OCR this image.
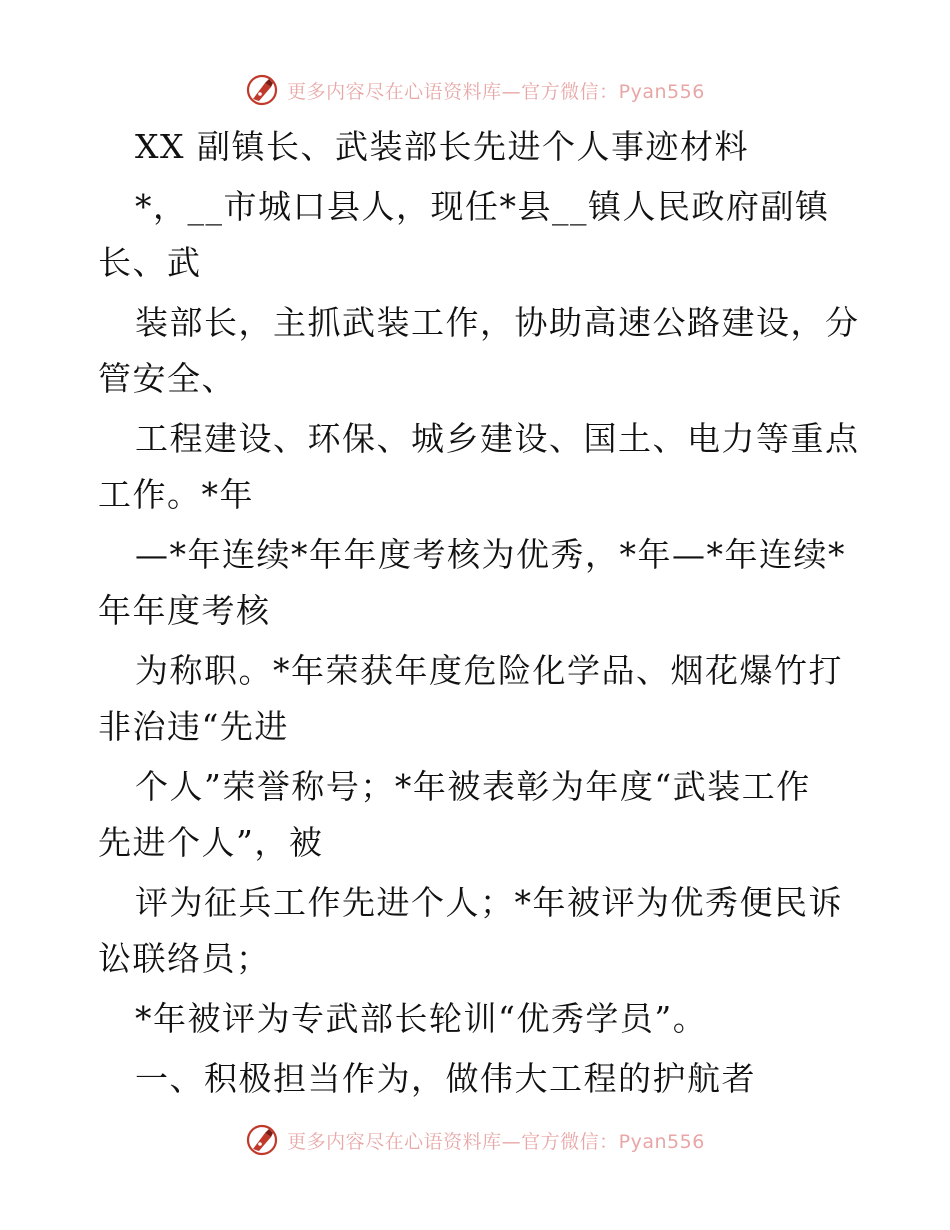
更多内容尽在心语资料库—官方微信：Pyan556
XX 副镇长、武装部长先进个人事迹材料
*，__市城口县人，现任*县__镇人民政府副镇
长、武
装部长，主抓武装工作，协助高速公路建设，分
管安全、
工程建设、环保、城乡建设、国土、电力等重点
工作。*年
—*年连续*年年度考核为优秀，*年—*年连续*
年年度考核
为称职。*年荣获年度危险化学品、烟花爆竹打
非治违“先进
个人”荣誉称号；*年被表彰为年度“武装工作
先进个人”，被
评为征兵工作先进个人；*年被评为优秀便民诉
讼联络员；
*年被评为专武部长轮训“优秀学员”。
一、积极担当作为，做伟大工程的护航者
更多内容尽在心语资料库—官方微信：Pyan556
